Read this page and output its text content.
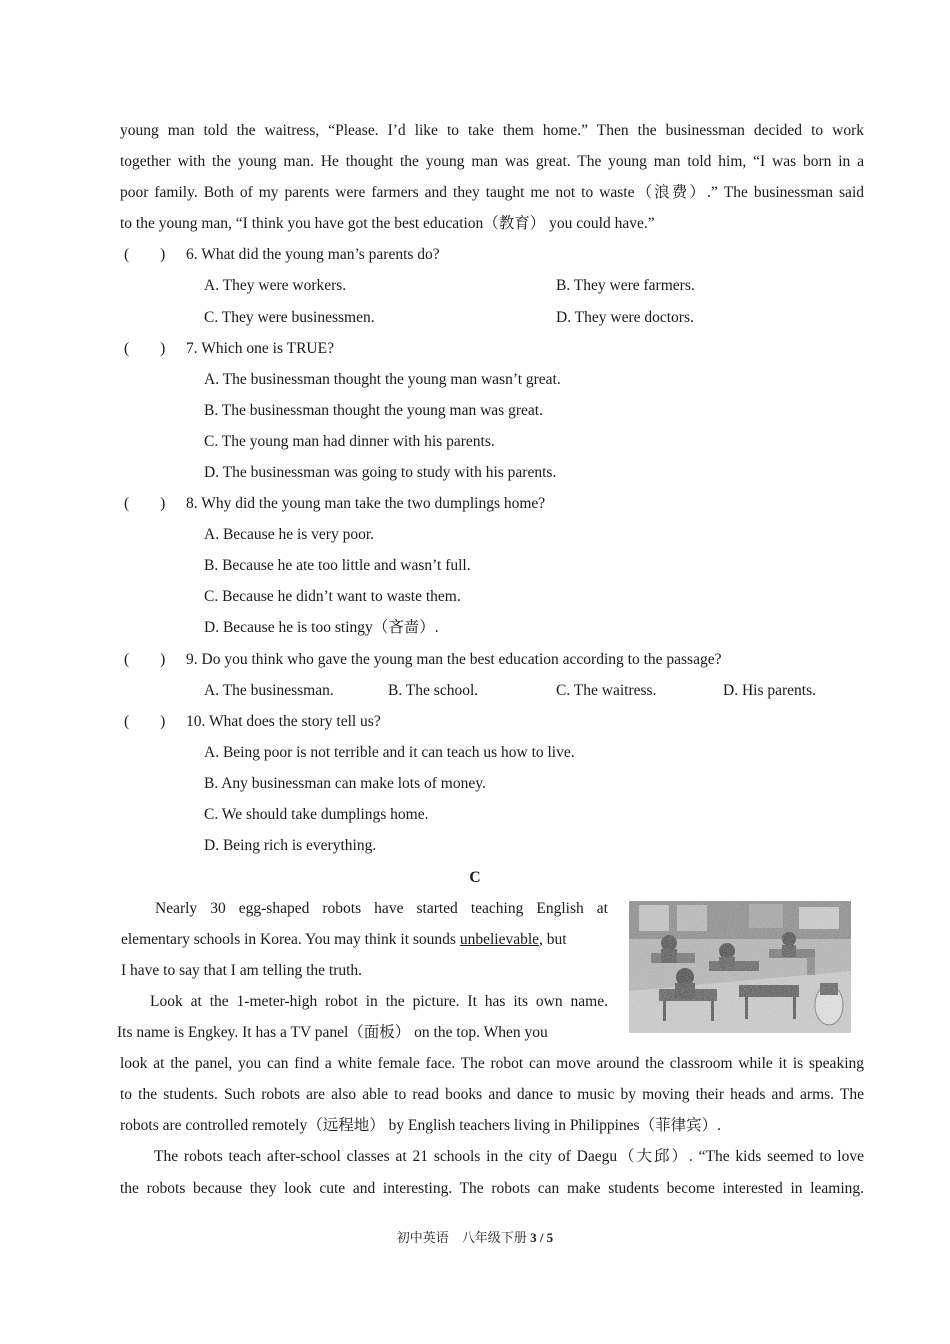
young man told the waitress, “Please. I’d like to take them home.” Then the businessman decided to work
together with the young man. He thought the young man was great. The young man told him, “I was born in a
poor family. Both of my parents were farmers and they taught me not to waste（浪费）.” The businessman said
to the young man, “I think you have got the best education（教育） you could have.”
(　　) 6. What did the young man’s parents do?
A. They were workers.	B. They were farmers.
C. They were businessmen.	D. They were doctors.
(　　) 7. Which one is TRUE?
A. The businessman thought the young man wasn’t great.
B. The businessman thought the young man was great.
C. The young man had dinner with his parents.
D. The businessman was going to study with his parents.
(　　) 8. Why did the young man take the two dumplings home?
A. Because he is very poor.
B. Because he ate too little and wasn’t full.
C. Because he didn’t want to waste them.
D. Because he is too stingy（吝啬）.
(　　) 9. Do you think who gave the young man the best education according to the passage?
A. The businessman.	B. The school.	C. The waitress.	D. His parents.
(　　) 10. What does the story tell us?
A. Being poor is not terrible and it can teach us how to live.
B. Any businessman can make lots of money.
C. We should take dumplings home.
D. Being rich is everything.
C
Nearly 30 egg-shaped robots have started teaching English at
elementary schools in Korea. You may think it sounds unbelievable, but
I have to say that I am telling the truth.
Look at the 1-meter-high robot in the picture. It has its own name.
Its name is Engkey. It has a TV panel（面板） on the top. When you
look at the panel, you can find a white female face. The robot can move around the classroom while it is speaking
to the students. Such robots are also able to read books and dance to music by moving their heads and arms. The
robots are controlled remotely（远程地） by English teachers living in Philippines（菲律宾）.
The robots teach after-school classes at 21 schools in the city of Daegu（大邱）. “The kids seemed to love
the robots because they look cute and interesting. The robots can make students become interested in leaming.
初中英语　八年级下册 3 / 5
